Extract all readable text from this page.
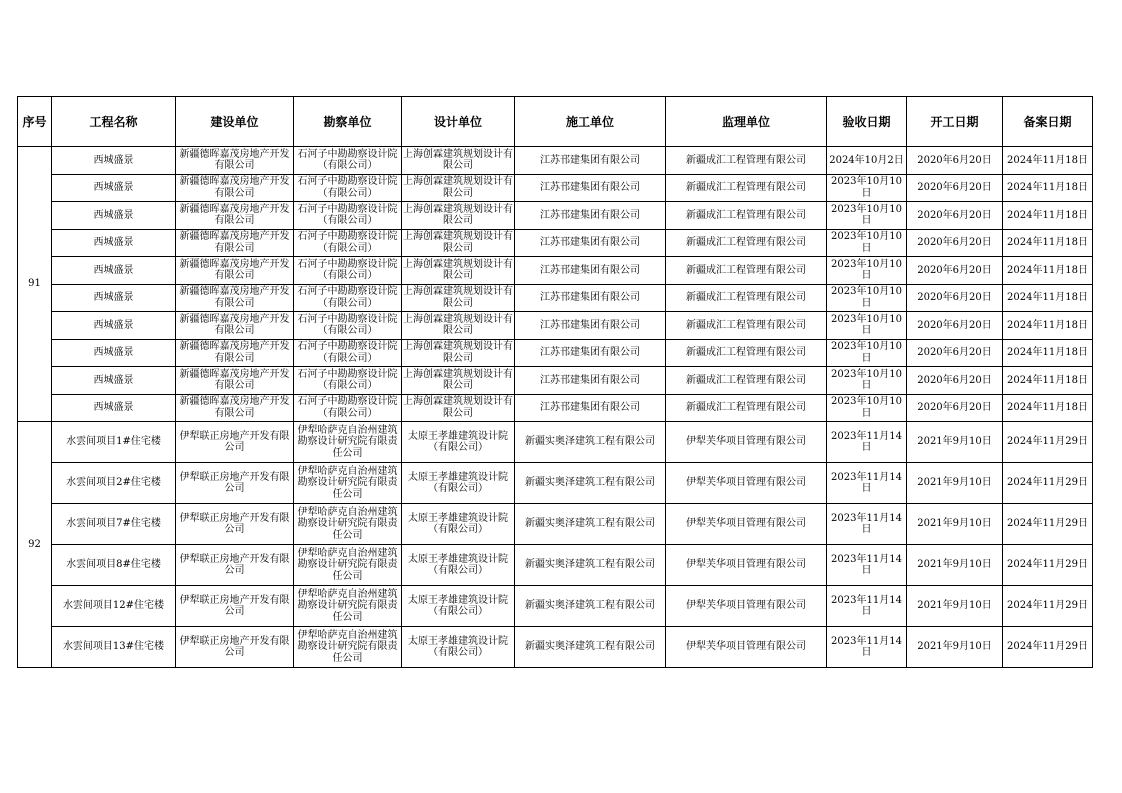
序号	工程名称	建设单位	勘察单位	设计单位	施工单位	监理单位	验收日期	开工日期	备案日期
91	西城盛景	新疆德晖嘉茂房地产开发有限公司	石河子中勘勘察设计院（有限公司）	上海创霖建筑规划设计有限公司	江苏邗建集团有限公司	新疆成汇工程管理有限公司	2024年10月2日	2020年6月20日	2024年11月18日
	西城盛景	新疆德晖嘉茂房地产开发有限公司	石河子中勘勘察设计院（有限公司）	上海创霖建筑规划设计有限公司	江苏邗建集团有限公司	新疆成汇工程管理有限公司	2023年10月10日	2020年6月20日	2024年11月18日
	西城盛景	新疆德晖嘉茂房地产开发有限公司	石河子中勘勘察设计院（有限公司）	上海创霖建筑规划设计有限公司	江苏邗建集团有限公司	新疆成汇工程管理有限公司	2023年10月10日	2020年6月20日	2024年11月18日
	西城盛景	新疆德晖嘉茂房地产开发有限公司	石河子中勘勘察设计院（有限公司）	上海创霖建筑规划设计有限公司	江苏邗建集团有限公司	新疆成汇工程管理有限公司	2023年10月10日	2020年6月20日	2024年11月18日
	西城盛景	新疆德晖嘉茂房地产开发有限公司	石河子中勘勘察设计院（有限公司）	上海创霖建筑规划设计有限公司	江苏邗建集团有限公司	新疆成汇工程管理有限公司	2023年10月10日	2020年6月20日	2024年11月18日
	西城盛景	新疆德晖嘉茂房地产开发有限公司	石河子中勘勘察设计院（有限公司）	上海创霖建筑规划设计有限公司	江苏邗建集团有限公司	新疆成汇工程管理有限公司	2023年10月10日	2020年6月20日	2024年11月18日
	西城盛景	新疆德晖嘉茂房地产开发有限公司	石河子中勘勘察设计院（有限公司）	上海创霖建筑规划设计有限公司	江苏邗建集团有限公司	新疆成汇工程管理有限公司	2023年10月10日	2020年6月20日	2024年11月18日
	西城盛景	新疆德晖嘉茂房地产开发有限公司	石河子中勘勘察设计院（有限公司）	上海创霖建筑规划设计有限公司	江苏邗建集团有限公司	新疆成汇工程管理有限公司	2023年10月10日	2020年6月20日	2024年11月18日
	西城盛景	新疆德晖嘉茂房地产开发有限公司	石河子中勘勘察设计院（有限公司）	上海创霖建筑规划设计有限公司	江苏邗建集团有限公司	新疆成汇工程管理有限公司	2023年10月10日	2020年6月20日	2024年11月18日
	西城盛景	新疆德晖嘉茂房地产开发有限公司	石河子中勘勘察设计院（有限公司）	上海创霖建筑规划设计有限公司	江苏邗建集团有限公司	新疆成汇工程管理有限公司	2023年10月10日	2020年6月20日	2024年11月18日
92	水雲间项目1#住宅楼	伊犁联正房地产开发有限公司	伊犁哈萨克自治州建筑勘察设计研究院有限责任公司	太原王孝雄建筑设计院（有限公司）	新疆实奥泽建筑工程有限公司	伊犁芙华项目管理有限公司	2023年11月14日	2021年9月10日	2024年11月29日
	水雲间项目2#住宅楼	伊犁联正房地产开发有限公司	伊犁哈萨克自治州建筑勘察设计研究院有限责任公司	太原王孝雄建筑设计院（有限公司）	新疆实奥泽建筑工程有限公司	伊犁芙华项目管理有限公司	2023年11月14日	2021年9月10日	2024年11月29日
	水雲间项目7#住宅楼	伊犁联正房地产开发有限公司	伊犁哈萨克自治州建筑勘察设计研究院有限责任公司	太原王孝雄建筑设计院（有限公司）	新疆实奥泽建筑工程有限公司	伊犁芙华项目管理有限公司	2023年11月14日	2021年9月10日	2024年11月29日
	水雲间项目8#住宅楼	伊犁联正房地产开发有限公司	伊犁哈萨克自治州建筑勘察设计研究院有限责任公司	太原王孝雄建筑设计院（有限公司）	新疆实奥泽建筑工程有限公司	伊犁芙华项目管理有限公司	2023年11月14日	2021年9月10日	2024年11月29日
	水雲间项目12#住宅楼	伊犁联正房地产开发有限公司	伊犁哈萨克自治州建筑勘察设计研究院有限责任公司	太原王孝雄建筑设计院（有限公司）	新疆实奥泽建筑工程有限公司	伊犁芙华项目管理有限公司	2023年11月14日	2021年9月10日	2024年11月29日
	水雲间项目13#住宅楼	伊犁联正房地产开发有限公司	伊犁哈萨克自治州建筑勘察设计研究院有限责任公司	太原王孝雄建筑设计院（有限公司）	新疆实奥泽建筑工程有限公司	伊犁芙华项目管理有限公司	2023年11月14日	2021年9月10日	2024年11月29日
